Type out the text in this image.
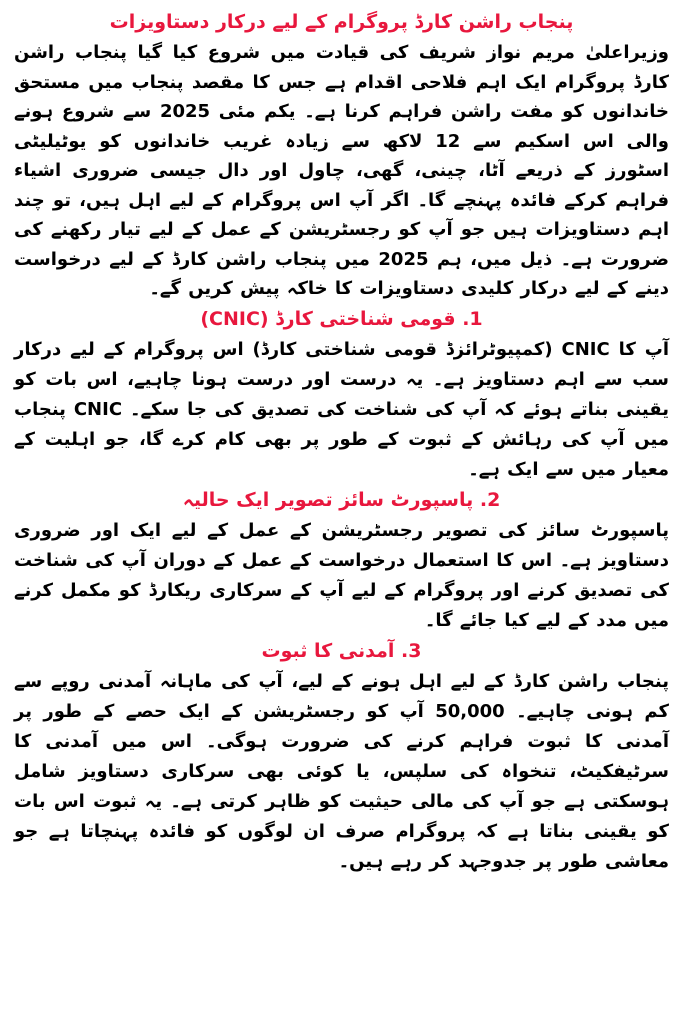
پنجاب راشن کارڈ پروگرام کے لیے درکار دستاویزات

وزیراعلیٰ مریم نواز شریف کی قیادت میں شروع کیا گیا پنجاب راشن کارڈ پروگرام ایک اہم فلاحی اقدام ہے جس کا مقصد پنجاب میں مستحق خاندانوں کو مفت راشن فراہم کرنا ہے۔ یکم مئی 2025 سے شروع ہونے والی اس اسکیم سے 12 لاکھ سے زیادہ غریب خاندانوں کو یوٹیلیٹی اسٹورز کے ذریعے آٹا، چینی، گھی، چاول اور دال جیسی ضروری اشیاء فراہم کرکے فائدہ پہنچے گا۔ اگر آپ اس پروگرام کے لیے اہل ہیں، تو چند اہم دستاویزات ہیں جو آپ کو رجسٹریشن کے عمل کے لیے تیار رکھنے کی ضرورت ہے۔ ذیل میں، ہم 2025 میں پنجاب راشن کارڈ کے لیے درخواست دینے کے لیے درکار کلیدی دستاویزات کا خاکہ پیش کریں گے۔

1. قومی شناختی کارڈ (CNIC)

آپ کا CNIC (کمپیوٹرائزڈ قومی شناختی کارڈ) اس پروگرام کے لیے درکار سب سے اہم دستاویز ہے۔ یہ درست اور درست ہونا چاہیے، اس بات کو یقینی بناتے ہوئے کہ آپ کی شناخت کی تصدیق کی جا سکے۔ CNIC پنجاب میں آپ کی رہائش کے ثبوت کے طور پر بھی کام کرے گا، جو اہلیت کے معیار میں سے ایک ہے۔

2. پاسپورٹ سائز تصویر ایک حالیہ

پاسپورٹ سائز کی تصویر رجسٹریشن کے عمل کے لیے ایک اور ضروری دستاویز ہے۔ اس کا استعمال درخواست کے عمل کے دوران آپ کی شناخت کی تصدیق کرنے اور پروگرام کے لیے آپ کے سرکاری ریکارڈ کو مکمل کرنے میں مدد کے لیے کیا جائے گا۔

3. آمدنی کا ثبوت

پنجاب راشن کارڈ کے لیے اہل ہونے کے لیے، آپ کی ماہانہ آمدنی روپے سے کم ہونی چاہیے۔ 50,000 آپ کو رجسٹریشن کے ایک حصے کے طور پر آمدنی کا ثبوت فراہم کرنے کی ضرورت ہوگی۔ اس میں آمدنی کا سرٹیفکیٹ، تنخواہ کی سلپس، یا کوئی بھی سرکاری دستاویز شامل ہوسکتی ہے جو آپ کی مالی حیثیت کو ظاہر کرتی ہے۔ یہ ثبوت اس بات کو یقینی بناتا ہے کہ پروگرام صرف ان لوگوں کو فائدہ پہنچاتا ہے جو معاشی طور پر جدوجہد کر رہے ہیں۔
